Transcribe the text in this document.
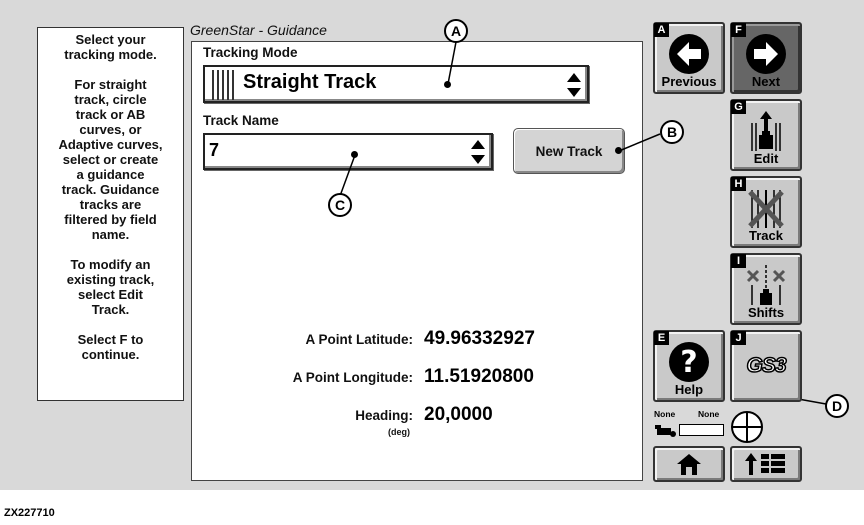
Select your
tracking mode.

For straight
track, circle
track or AB
curves, or
Adaptive curves,
select or create
a guidance
track. Guidance
tracks are
filtered by field
name.

To modify an
existing track,
select Edit
Track.

Select F to
continue.

GreenStar - Guidance
Tracking Mode
Straight Track
Track Name
7	New Track
A Point Latitude: 49.96332927
A Point Longitude: 11.51920800
Heading:
(deg)
20,0000
A
B
C
D
A
Previous
F
Next
G
Edit
H
Track
I
Shifts
E
?
Help
J
GS3
None	None
ZX227710
